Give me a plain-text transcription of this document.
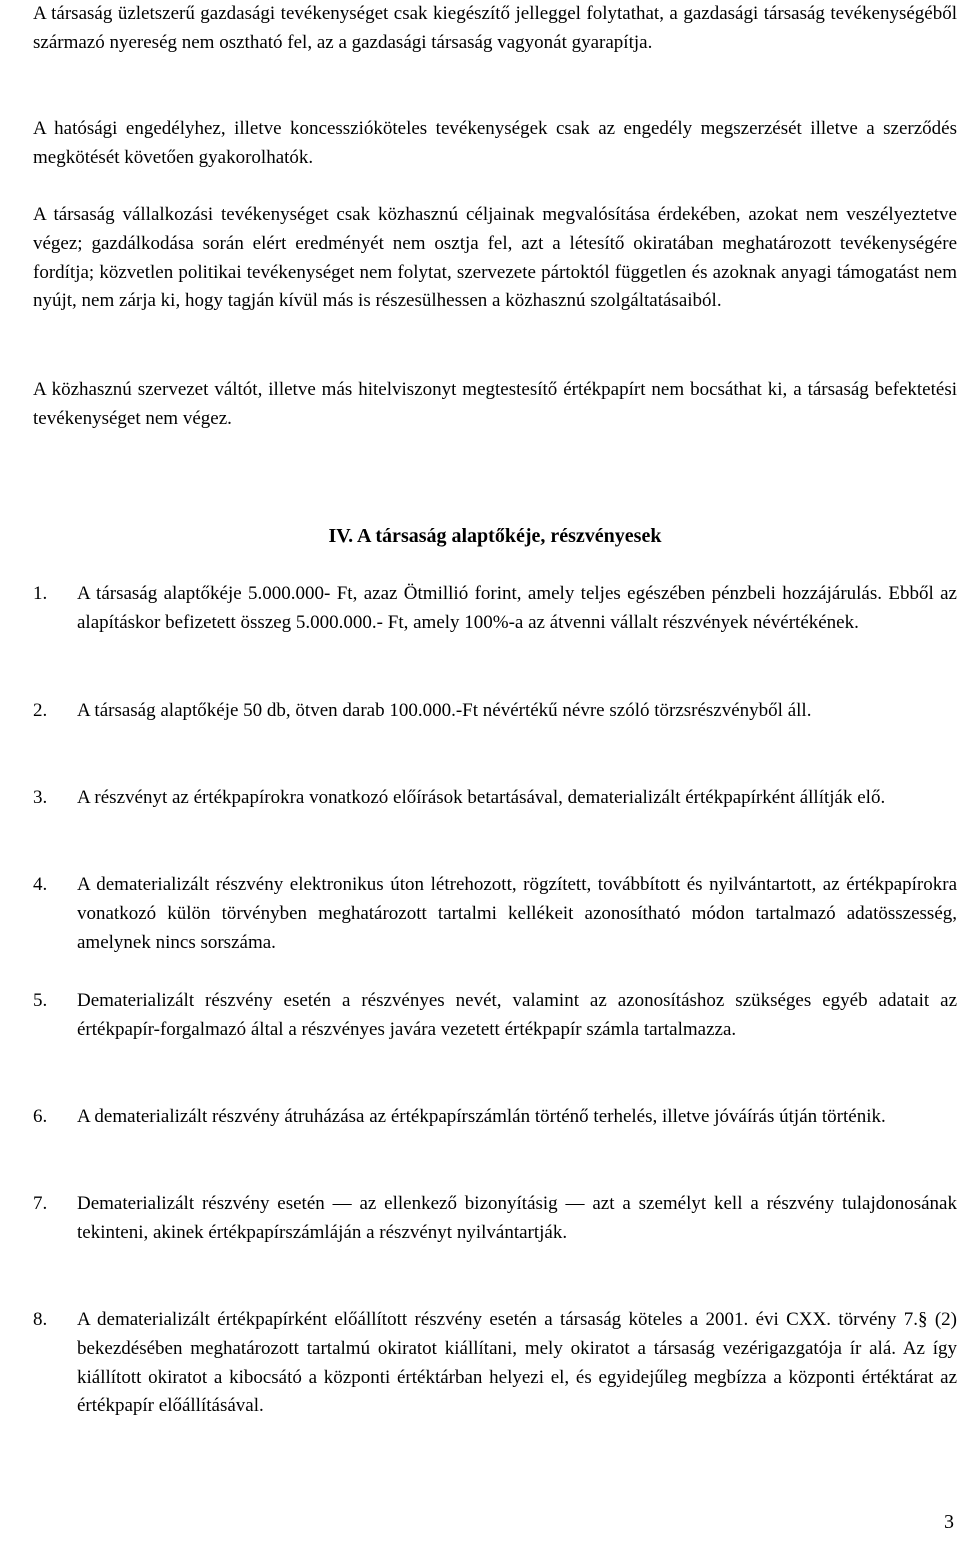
A társaság üzletszerű gazdasági tevékenységet csak kiegészítő jelleggel folytathat, a gazdasági társaság tevékenységéből származó nyereség nem osztható fel, az a gazdasági társaság vagyonát gyarapítja.

A hatósági engedélyhez, illetve koncesszióköteles tevékenységek csak az engedély megszerzését illetve a szerződés megkötését követően gyakorolhatók.

A társaság vállalkozási tevékenységet csak közhasznú céljainak megvalósítása érdekében, azokat nem veszélyeztetve végez; gazdálkodása során elért eredményét nem osztja fel, azt a létesítő okiratában meghatározott tevékenységére fordítja; közvetlen politikai tevékenységet nem folytat, szervezete pártoktól független és azoknak anyagi támogatást nem nyújt, nem zárja ki, hogy tagján kívül más is részesülhessen a közhasznú szolgáltatásaiból.

A közhasznú szervezet váltót, illetve más hitelviszonyt megtestesítő értékpapírt nem bocsáthat ki, a társaság befektetési tevékenységet nem végez.

IV. A társaság alaptőkéje, részvényesek
1.	A társaság alaptőkéje 5.000.000- Ft, azaz Ötmillió forint, amely teljes egészében pénzbeli hozzájárulás. Ebből az alapításkor befizetett összeg 5.000.000.- Ft, amely 100%-a az átvenni vállalt részvények névértékének.
2.	A társaság alaptőkéje 50 db, ötven darab 100.000.-Ft névértékű névre szóló törzsrészvényből áll.
3.	A részvényt az értékpapírokra vonatkozó előírások betartásával, dematerializált értékpapírként állítják elő.
4.	A dematerializált részvény elektronikus úton létrehozott, rögzített, továbbított és nyilvántartott, az értékpapírokra vonatkozó külön törvényben meghatározott tartalmi kellékeit azonosítható módon tartalmazó adatösszesség, amelynek nincs sorszáma.
5.	Dematerializált részvény esetén a részvényes nevét, valamint az azonosításhoz szükséges egyéb adatait az értékpapír-forgalmazó által a részvényes javára vezetett értékpapír számla tartalmazza.
6.	A dematerializált részvény átruházása az értékpapírszámlán történő terhelés, illetve jóváírás útján történik.
7.	Dematerializált részvény esetén — az ellenkező bizonyításig — azt a személyt kell a részvény tulajdonosának tekinteni, akinek értékpapírszámláján a részvényt nyilvántartják.
8.	A dematerializált értékpapírként előállított részvény esetén a társaság köteles a 2001. évi CXX. törvény 7.§ (2) bekezdésében meghatározott tartalmú okiratot kiállítani, mely okiratot a társaság vezérigazgatója ír alá. Az így kiállított okiratot a kibocsátó a központi értéktárban helyezi el, és egyidejűleg megbízza a központi értéktárat az értékpapír előállításával.
3
